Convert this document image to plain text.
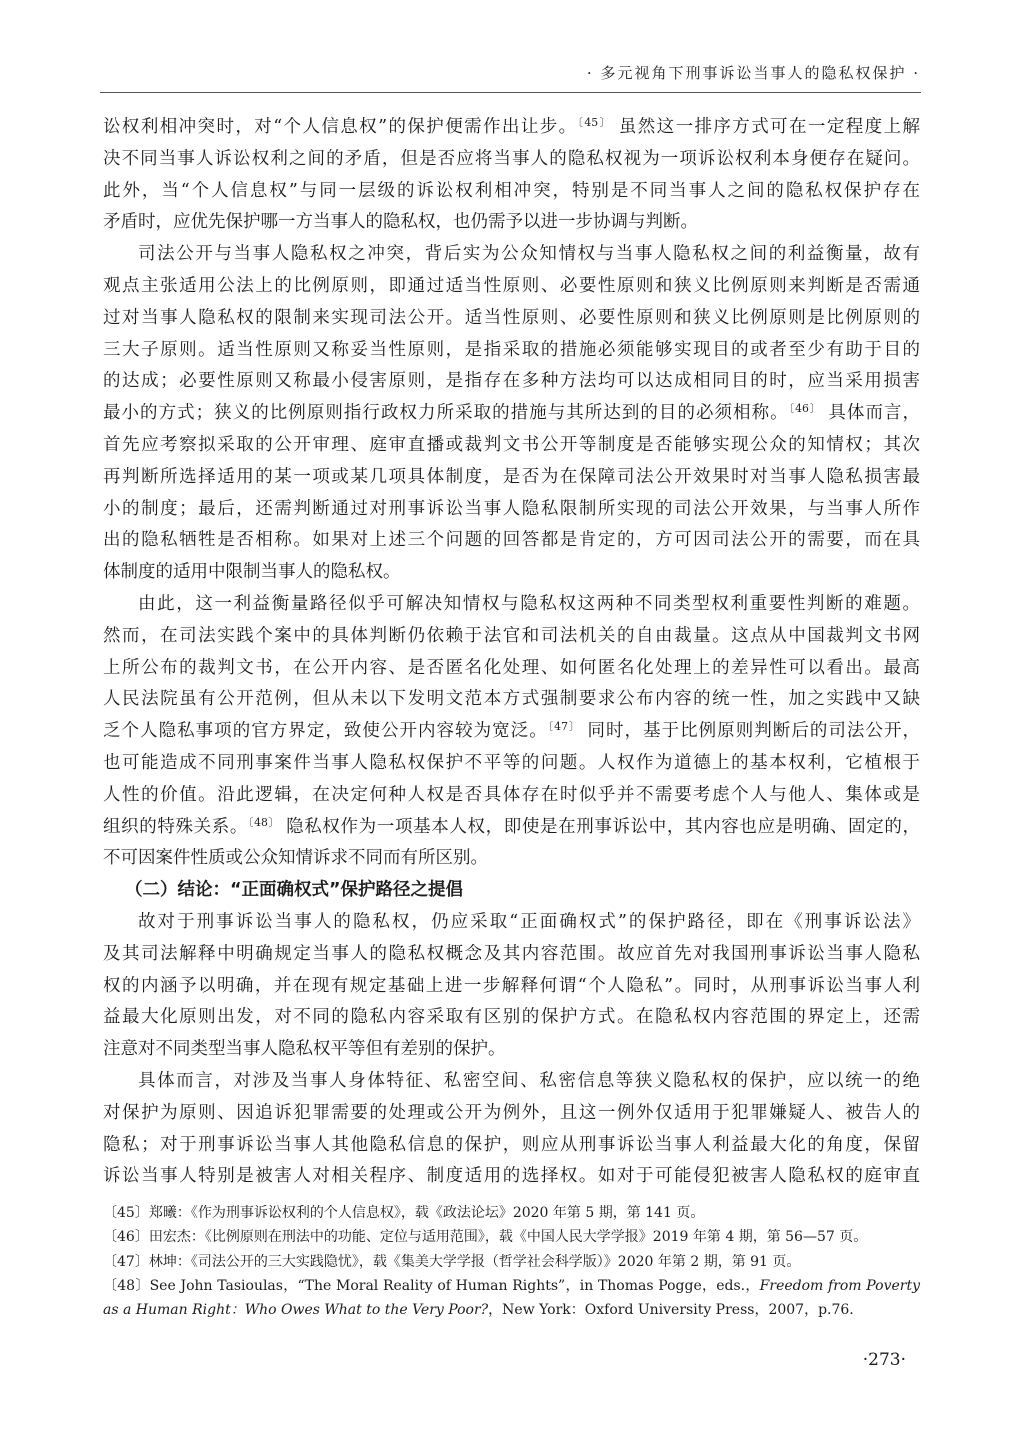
· 多元视角下刑事诉讼当事人的隐私权保护 ·
讼权利相冲突时，对“个人信息权”的保护便需作出让步。$^{〔45〕}$ 虽然这一排序方式可在一定程度上解
决不同当事人诉讼权利之间的矛盾，但是否应将当事人的隐私权视为一项诉讼权利本身便存在疑问。
此外，当“个人信息权”与同一层级的诉讼权利相冲突，特别是不同当事人之间的隐私权保护存在
矛盾时，应优先保护哪一方当事人的隐私权，也仍需予以进一步协调与判断。
司法公开与当事人隐私权之冲突，背后实为公众知情权与当事人隐私权之间的利益衡量，故有
观点主张适用公法上的比例原则，即通过适当性原则、必要性原则和狭义比例原则来判断是否需通
过对当事人隐私权的限制来实现司法公开。适当性原则、必要性原则和狭义比例原则是比例原则的
三大子原则。适当性原则又称妥当性原则，是指采取的措施必须能够实现目的或者至少有助于目的
的达成；必要性原则又称最小侵害原则，是指存在多种方法均可以达成相同目的时，应当采用损害
最小的方式；狭义的比例原则指行政权力所采取的措施与其所达到的目的必须相称。$^{〔46〕}$ 具体而言，
首先应考察拟采取的公开审理、庭审直播或裁判文书公开等制度是否能够实现公众的知情权；其次
再判断所选择适用的某一项或某几项具体制度，是否为在保障司法公开效果时对当事人隐私损害最
小的制度；最后，还需判断通过对刑事诉讼当事人隐私限制所实现的司法公开效果，与当事人所作
出的隐私牺牲是否相称。如果对上述三个问题的回答都是肯定的，方可因司法公开的需要，而在具
体制度的适用中限制当事人的隐私权。
由此，这一利益衡量路径似乎可解决知情权与隐私权这两种不同类型权利重要性判断的难题。
然而，在司法实践个案中的具体判断仍依赖于法官和司法机关的自由裁量。这点从中国裁判文书网
上所公布的裁判文书，在公开内容、是否匿名化处理、如何匿名化处理上的差异性可以看出。最高
人民法院虽有公开范例，但从未以下发明文范本方式强制要求公布内容的统一性，加之实践中又缺
乏个人隐私事项的官方界定，致使公开内容较为宽泛。$^{〔47〕}$ 同时，基于比例原则判断后的司法公开，
也可能造成不同刑事案件当事人隐私权保护不平等的问题。人权作为道德上的基本权利，它植根于
人性的价值。沿此逻辑，在决定何种人权是否具体存在时似乎并不需要考虑个人与他人、集体或是
组织的特殊关系。$^{〔48〕}$ 隐私权作为一项基本人权，即使是在刑事诉讼中，其内容也应是明确、固定的，
不可因案件性质或公众知情诉求不同而有所区别。
（二）结论：“正面确权式”保护路径之提倡
故对于刑事诉讼当事人的隐私权，仍应采取“正面确权式”的保护路径，即在《刑事诉讼法》
及其司法解释中明确规定当事人的隐私权概念及其内容范围。故应首先对我国刑事诉讼当事人隐私
权的内涵予以明确，并在现有规定基础上进一步解释何谓“个人隐私”。同时，从刑事诉讼当事人利
益最大化原则出发，对不同的隐私内容采取有区别的保护方式。在隐私权内容范围的界定上，还需
注意对不同类型当事人隐私权平等但有差别的保护。
具体而言，对涉及当事人身体特征、私密空间、私密信息等狭义隐私权的保护，应以统一的绝
对保护为原则、因追诉犯罪需要的处理或公开为例外，且这一例外仅适用于犯罪嫌疑人、被告人的
隐私；对于刑事诉讼当事人其他隐私信息的保护，则应从刑事诉讼当事人利益最大化的角度，保留
诉讼当事人特别是被害人对相关程序、制度适用的选择权。如对于可能侵犯被害人隐私权的庭审直
〔45〕郑曦：《作为刑事诉讼权利的个人信息权》，载《政法论坛》2020 年第 5 期，第 141 页。
〔46〕田宏杰：《比例原则在刑法中的功能、定位与适用范围》，载《中国人民大学学报》2019 年第 4 期，第 56—57 页。
〔47〕林坤：《司法公开的三大实践隐忧》，载《集美大学学报（哲学社会科学版）》2020 年第 2 期，第 91 页。
〔48〕See John Tasioulas，“The Moral Reality of Human Rights”，in Thomas Pogge，eds.，Freedom from Poverty as a Human Right：Who Owes What to the Very Poor?，New York：Oxford University Press，2007，p.76.
·273·
